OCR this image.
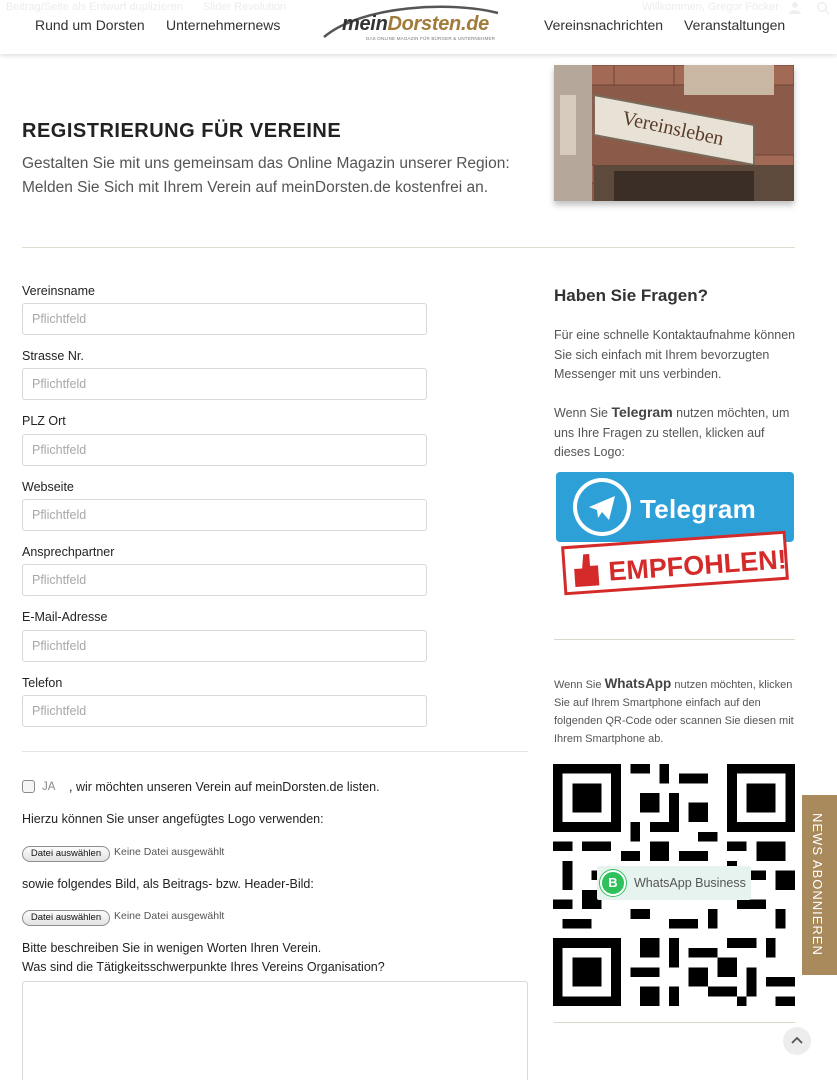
Rund um Dorsten Unternehmernews	meinDorsten.de
DAS ONLINE MAGAZIN FÜR BÜRGER & UNTERNEHMER
Vereinsnachrichten Veranstaltungen
REGISTRIERUNG FÜR VEREINE
Gestalten Sie mit uns gemeinsam das Online Magazin unserer Region:
Melden Sie Sich mit Ihrem Verein auf meinDorsten.de kostenfrei an.
Vereinsleben
Vereinsname
Pflichtfeld
Strasse Nr.
Pflichtfeld
PLZ Ort
Pflichtfeld
Webseite
Pflichtfeld
Ansprechpartner
Pflichtfeld
E-Mail-Adresse
Pflichtfeld
Telefon
Pflichtfeld
JA , wir möchten unseren Verein auf meinDorsten.de listen.

Hierzu können Sie unser angefügtes Logo verwenden:

Datei auswählen	Keine Datei ausgewählt

sowie folgendes Bild, als Beitrags- bzw. Header-Bild:

Datei auswählen	Keine Datei ausgewählt

Bitte beschreiben Sie in wenigen Worten Ihren Verein.

Was sind die Tätigkeitsschwerpunkte Ihres Vereins Organisation?

Haben Sie Fragen?

Für eine schnelle Kontaktaufnahme können Sie sich einfach mit Ihrem bevorzugten Messenger mit uns verbinden.

Wenn Sie Telegram nutzen möchten, um uns Ihre Fragen zu stellen, klicken auf dieses Logo:

Telegram
EMPFOHLEN!

Wenn Sie WhatsApp nutzen möchten, klicken Sie auf Ihrem Smartphone einfach auf den folgenden QR-Code oder scannen Sie diesen mit Ihrem Smartphone ab.

B	WhatsApp Business	NEWS ABONNIEREN
